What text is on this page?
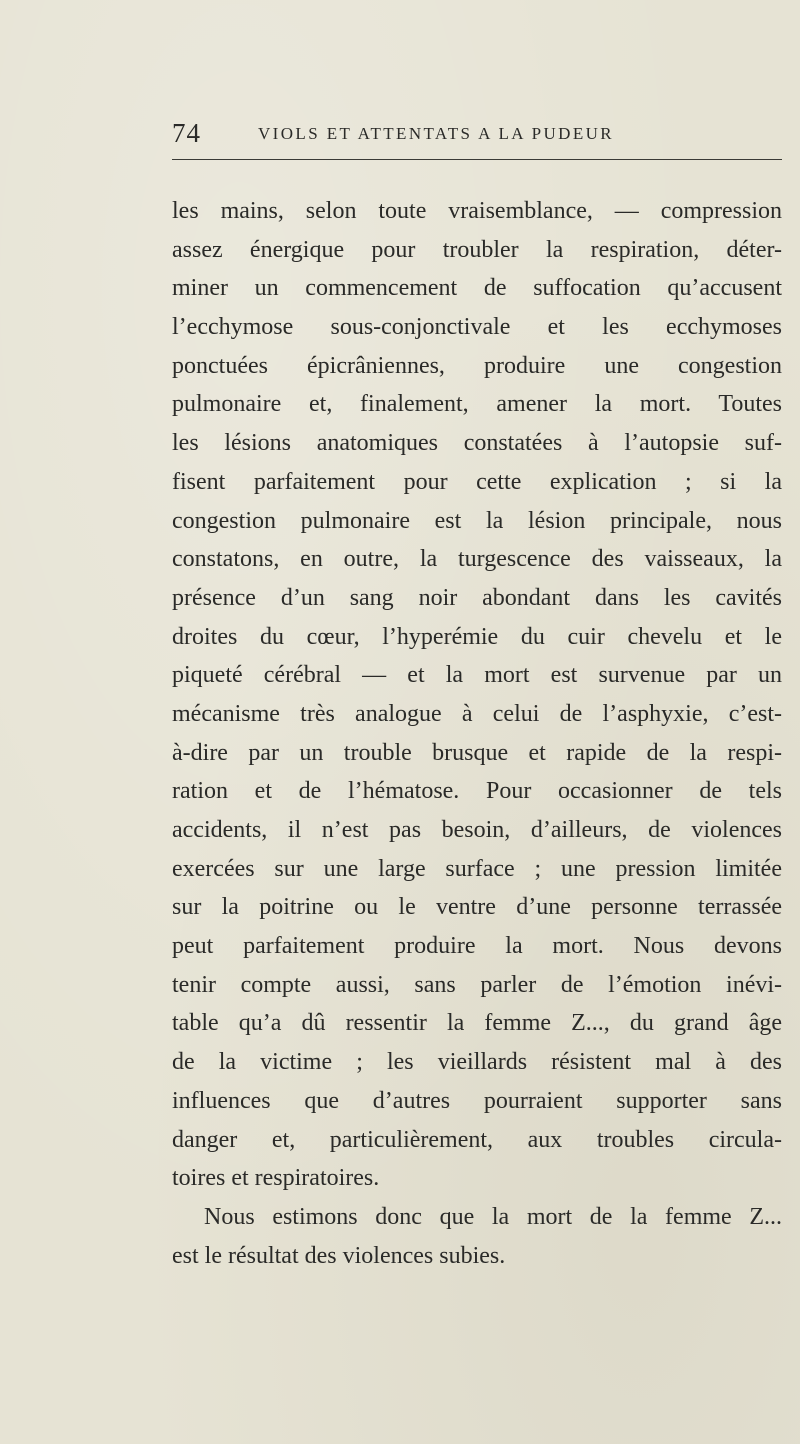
74	VIOLS ET ATTENTATS A LA PUDEUR
les mains, selon toute vraisemblance, — compression
assez énergique pour troubler la respiration, déter-
miner un commencement de suffocation qu’accusent
l’ecchymose sous-conjonctivale et les ecchymoses
ponctuées épicrâniennes, produire une congestion
pulmonaire et, finalement, amener la mort. Toutes
les lésions anatomiques constatées à l’autopsie suf-
fisent parfaitement pour cette explication ; si la
congestion pulmonaire est la lésion principale, nous
constatons, en outre, la turgescence des vaisseaux, la
présence d’un sang noir abondant dans les cavités
droites du cœur, l’hyperémie du cuir chevelu et le
piqueté cérébral — et la mort est survenue par un
mécanisme très analogue à celui de l’asphyxie, c’est-
à-dire par un trouble brusque et rapide de la respi-
ration et de l’hématose. Pour occasionner de tels
accidents, il n’est pas besoin, d’ailleurs, de violences
exercées sur une large surface ; une pression limitée
sur la poitrine ou le ventre d’une personne terrassée
peut parfaitement produire la mort. Nous devons
tenir compte aussi, sans parler de l’émotion inévi-
table qu’a dû ressentir la femme Z..., du grand âge
de la victime ; les vieillards résistent mal à des
influences que d’autres pourraient supporter sans
danger et, particulièrement, aux troubles circula-
toires et respiratoires.
Nous estimons donc que la mort de la femme Z...
est le résultat des violences subies.
